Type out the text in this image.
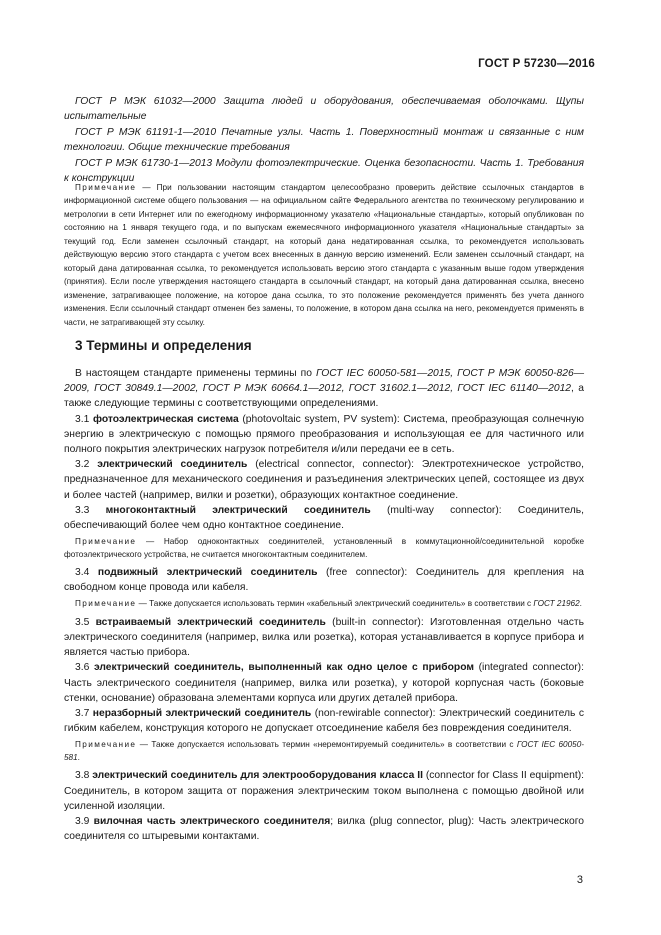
ГОСТ Р 57230—2016

ГОСТ Р МЭК 61032—2000 Защита людей и оборудования, обеспечиваемая оболочками. Щупы испытательные

ГОСТ Р МЭК 61191-1—2010 Печатные узлы. Часть 1. Поверхностный монтаж и связанные с ним технологии. Общие технические требования

ГОСТ Р МЭК 61730-1—2013 Модули фотоэлектрические. Оценка безопасности. Часть 1. Требования к конструкции

Примечание — При пользовании настоящим стандартом целесообразно проверить действие ссылочных стандартов в информационной системе общего пользования — на официальном сайте Федерального агентства по техническому регулированию и метрологии в сети Интернет или по ежегодному информационному указателю «Национальные стандарты», который опубликован по состоянию на 1 января текущего года, и по выпускам ежемесячного информационного указателя «Национальные стандарты» за текущий год. Если заменен ссылочный стандарт, на который дана недатированная ссылка, то рекомендуется использовать действующую версию этого стандарта с учетом всех внесенных в данную версию изменений. Если заменен ссылочный стандарт, на который дана датированная ссылка, то рекомендуется использовать версию этого стандарта с указанным выше годом утверждения (принятия). Если после утверждения настоящего стандарта в ссылочный стандарт, на который дана датированная ссылка, внесено изменение, затрагивающее положение, на которое дана ссылка, то это положение рекомендуется применять без учета данного изменения. Если ссылочный стандарт отменен без замены, то положение, в котором дана ссылка на него, рекомендуется применять в части, не затрагивающей эту ссылку.
3 Термины и определения

В настоящем стандарте применены термины по ГОСТ IEC 60050-581—2015, ГОСТ Р МЭК 60050-826—2009, ГОСТ 30849.1—2002, ГОСТ Р МЭК 60664.1—2012, ГОСТ 31602.1—2012, ГОСТ IEC 61140—2012, а также следующие термины с соответствующими определениями.

3.1 фотоэлектрическая система (photovoltaic system, PV system): Система, преобразующая солнечную энергию в электрическую с помощью прямого преобразования и использующая ее для частичного или полного покрытия электрических нагрузок потребителя и/или передачи ее в сеть.

3.2 электрический соединитель (electrical connector, connector): Электротехническое устройство, предназначенное для механического соединения и разъединения электрических цепей, состоящее из двух и более частей (например, вилки и розетки), образующих контактное соединение.

3.3 многоконтактный электрический соединитель (multi-way connector): Соединитель, обеспечивающий более чем одно контактное соединение.

Примечание — Набор одноконтактных соединителей, установленный в коммутационной/соединительной коробке фотоэлектрического устройства, не считается многоконтактным соединителем.

3.4 подвижный электрический соединитель (free connector): Соединитель для крепления на свободном конце провода или кабеля.

Примечание — Также допускается использовать термин «кабельный электрический соединитель» в соответствии с ГОСТ 21962.

3.5 встраиваемый электрический соединитель (built-in connector): Изготовленная отдельно часть электрического соединителя (например, вилка или розетка), которая устанавливается в корпусе прибора и является частью прибора.

3.6 электрический соединитель, выполненный как одно целое с прибором (integrated connector): Часть электрического соединителя (например, вилка или розетка), у которой корпусная часть (боковые стенки, основание) образована элементами корпуса или других деталей прибора.

3.7 неразборный электрический соединитель (non-rewirable connector): Электрический соединитель с гибким кабелем, конструкция которого не допускает отсоединение кабеля без повреждения соединителя.

Примечание — Также допускается использовать термин «неремонтируемый соединитель» в соответствии с ГОСТ IEC 60050-581.

3.8 электрический соединитель для электрооборудования класса II (connector for Class II equipment): Соединитель, в котором защита от поражения электрическим током выполнена с помощью двойной или усиленной изоляции.

3.9 вилочная часть электрического соединителя; вилка (plug connector, plug): Часть электрического соединителя со штыревыми контактами.

3
